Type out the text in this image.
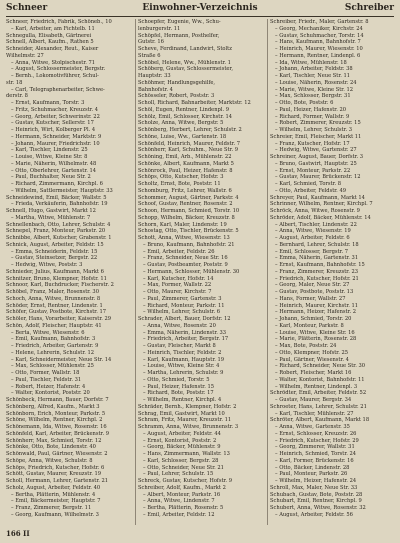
Schneer	Einwohner-Verzeichnis	Schreiber
Schneer, Friedrich, Fabrik, Schöneb., 10
– Karl, Arbeiter, am Fichtelb. 11
Schnegulla, Elisabeth, Gärtnerei
Schnell, Albert, Kaufm., Rathen 5
Schneider, Alexander, Reut., Kaiser
Wilhelmstr. 27
– Anna, Witwe, Stolpischestr. 71
– August, Schlossermeister, Bergstr.
– Bernh., Lokomotivführer, Schul-
str. 18
– Carl, Telegraphenarbeiter, Schwe-
derstr. 8
– Ernst, Kaufmann, Torstr. 3
– Fritz, Schuhmacher, Kreuzstr. 4
– Georg, Arbeiter, Schwerinstr. 22
– Gustav, Kutscher, Sellerstr. 17
– Heinrich, Wirt, Kolberger Pl. 4
– Hermann, Schneider, Marktstr. 9
– Johann, Maurer, Friedrichstr. 10
– Karl, Tischler, Lindenstr. 25
– Louise, Witwe, Kleine Str. 8
– Marie, Näherin, Wilhelmstr. 48
– Otto, Oberlehrer, Gartenstr. 14
– Paul, Buchhalter, Neue Str. 2
– Richard, Zimmermann, Kirchpl. 6
– Wilhelm, Sattlermeister, Hauptstr. 33
Schneidewind, Emil, Bäcker, Wallstr. 5
– Frieda, Verkäuferin, Bahnhofstr. 19
Schnell, Hugo, Gastwirt, Markt 12
– Martha, Witwe, Mühlenstr. 7
Schnellenbach, Otto, Lehrer, Schulstr. 4
Schnepel, Franz, Monteur, Parkstr. 20
Schnibbe, Albert, Kutscher, Grabenstr. 1
Schnick, August, Arbeiter, Feldstr. 15
– Emma, Schneiderin, Feldstr. 15
– Gustav, Steinsetzer, Bergstr. 22
– Hedwig, Witwe, Poststr. 3
Schnieder, Julius, Kaufmann, Markt 6
Schnitzer, Bruno, Klempner, Hofstr. 11
Schnoor, Karl, Buchdrucker, Fischerstr. 2
Schöbel, Franz, Maler, Rosenstr. 30
Schoch, Anna, Witwe, Brunnenstr. 8
Schöder, Ernst, Rentner, Lindenstr. 1
Schöfer, Gustav, Postbote, Kirchstr. 17
Schöler, Hans, Vorarbeiter, Kaiserstr. 29
Schön, Adolf, Fleischer, Hauptstr. 41
– Berta, Witwe, Wiesenstr. 6
– Emil, Kaufmann, Bahnhofstr. 3
– Friedrich, Arbeiter, Gartenstr. 9
– Helene, Lehrerin, Schulstr. 12
– Karl, Schneidermeister, Neue Str. 14
– Max, Schlosser, Mühlenstr. 25
– Otto, Former, Wallstr. 18
– Paul, Tischler, Feldstr. 31
– Robert, Heizer, Hafenstr. 4
– Walter, Kontorist, Poststr. 20
Schönbeck, Hermann, Bauer, Dorfstr. 7
Schönberg, Alfred, Kaufm., Markt 3
Schönborn, Erich, Monteur, Parkstr. 5
Schöne, Wilhelm, Rentner, Kirchpl. 2
Schönemann, Ida, Witwe, Rosenstr. 16
Schönfeld, Karl, Arbeiter, Brückenstr. 9
Schönherr, Max, Schmied, Torstr. 12
Schönke, Otto, Bote, Lindenstr. 40
Schönwald, Paul, Gärtner, Wiesenstr. 2
Schöpe, Anna, Witwe, Schulstr. 8
Schöps, Friedrich, Kutscher, Hofstr. 6
Schött, Gustav, Maurer, Kreuzstr. 19
Scholl, Hermann, Lehrer, Gartenstr. 21
Scholz, August, Arbeiter, Feldstr. 40
– Bertha, Plätterin, Mühlenstr. 4
– Emil, Bäckermeister, Hauptstr. 7
– Franz, Zimmerer, Bergstr. 11
– Georg, Kaufmann, Wilhelmstr. 3
Schoepfer, Eugenie, Ww., Schu-
lenburgerstr. 11
Schöpfel, Hermann, Posthelfer,
Gutstr. 16
Scheve, Ferdinand, Landwirt, Stoltz
Straße 6
Schöbel, Helene, Ww., Mühlenstr. 1
Schöberg, Gustav, Schlossermeister,
Hauptstr. 33
Schöhmer, Handlungsgehilfe,
Bahnhofstr. 4
Schösseler, Robert, Poststr. 3
Scholl, Richard, Bahnarbeiter, Marktstr. 12
Schöl, Eugen, Rentner, Lindenpl. 9
Schölz, Emil, Schlosser, Kirchstr. 14
Scholze, Anna, Witwe, Bergstr. 5
Schönberg, Herbert, Lehrer, Schulstr. 2
Schöne, Luise, Ww., Gartenstr. 18
Schönfeld, Heinrich, Maurer, Feldstr. 7
Schönherr, Karl, Schuhm., Neue Str. 9
Schöning, Emil, Arb., Mühlenstr. 22
Schönke, Albert, Kaufmann, Markt 5
Schönrock, Paul, Heizer, Hafenstr. 8
Schöps, Otto, Kutscher, Hofstr. 3
Scholtz, Ernst, Bote, Poststr. 11
Schomburg, Fritz, Lehrer, Wallstr. 6
Schommer, August, Gärtner, Parkstr. 4
Schoof, Gustav, Rentner, Rosenstr. 2
Schoon, Hermann, Schmied, Torstr. 10
Schopp, Wilhelm, Bäcker, Kreuzstr. 8
Schorn, Karl, Maler, Lindenstr. 19
Schostag, Otto, Tischler, Brückenstr. 5
Schott, Anna, Witwe, Wiesenstr. 13
– Bruno, Kaufmann, Bahnhofstr. 21
– Emil, Arbeiter, Feldstr. 26
– Franz, Schneider, Neue Str. 16
– Gustav, Postbeamter, Poststr. 9
– Hermann, Schlosser, Mühlenstr. 30
– Karl, Kutscher, Hofstr. 14
– Max, Former, Wallstr. 22
– Otto, Maurer, Kirchstr. 7
– Paul, Zimmerer, Gartenstr. 3
– Richard, Monteur, Parkstr. 11
– Wilhelm, Lehrer, Schulstr. 6
Schrader, Albert, Bauer, Dorfstr. 12
– Anna, Witwe, Rosenstr. 20
– Emma, Näherin, Lindenstr. 33
– Friedrich, Arbeiter, Bergstr. 17
– Gustav, Fleischer, Markt 8
– Heinrich, Tischler, Feldstr. 2
– Karl, Kaufmann, Hauptstr. 19
– Louise, Witwe, Kleine Str. 4
– Martha, Lehrerin, Schulstr. 9
– Otto, Schmied, Torstr. 5
– Paul, Heizer, Hafenstr. 15
– Richard, Bote, Poststr. 17
– Wilhelm, Rentner, Kirchpl. 4
Schräder, Bernh., Klempner, Hofstr. 2
Schrag, Emil, Gastwirt, Markt 10
Schram, Fritz, Maurer, Kreuzstr. 11
Schramm, Anna, Witwe, Brunnenstr. 3
– August, Arbeiter, Feldstr. 44
– Ernst, Kontorist, Poststr. 2
– Georg, Bäcker, Mühlenstr. 9
– Hans, Zimmermann, Wallstr. 13
– Karl, Schlosser, Bergstr. 28
– Otto, Schneider, Neue Str. 21
– Paul, Lehrer, Schulstr. 15
Schreck, Gustav, Kutscher, Hofstr. 9
Schreiber, Adolf, Kaufm., Markt 2
– Albert, Monteur, Parkstr. 16
– Anna, Witwe, Lindenstr. 7
– Bertha, Plätterin, Rosenstr. 5
– Emil, Arbeiter, Feldstr. 12
Schreiber, Friedr., Maler, Gartenstr. 8
– Georg, Mechaniker, Kirchstr. 24
– Gustav, Schuhmacher, Torstr. 14
– Hans, Kaufmann, Bahnhofstr. 7
– Heinrich, Maurer, Wiesenstr. 10
– Hermann, Rentner, Lindenpl. 6
– Ida, Witwe, Mühlenstr. 18
– Johann, Arbeiter, Feldstr. 38
– Karl, Tischler, Neue Str. 11
– Louise, Näherin, Rosenstr. 24
– Marie, Witwe, Kleine Str. 12
– Max, Schlosser, Bergstr. 31
– Otto, Bote, Poststr. 6
– Paul, Heizer, Hafenstr. 20
– Richard, Former, Wallstr. 9
– Robert, Zimmerer, Kreuzstr. 15
– Wilhelm, Lehrer, Schulstr. 3
Schreier, Emil, Fleischer, Markt 11
– Franz, Kutscher, Hofstr. 17
– Hedwig, Witwe, Gartenstr. 27
Schreiner, August, Bauer, Dorfstr. 3
– Bruno, Gastwirt, Hauptstr. 25
– Ernst, Monteur, Parkstr. 22
– Gustav, Maurer, Brückenstr. 12
– Karl, Schmied, Torstr. 8
– Otto, Arbeiter, Feldstr. 49
Schreyer, Paul, Kaufmann, Markt 14
Schrinner, Wilhelm, Rentner, Kirchpl. 7
Schröck, Anna, Witwe, Rosenstr. 9
Schröder, Adolf, Bäcker, Mühlenstr. 14
– Albert, Tischler, Lindenstr. 22
– Anna, Witwe, Wiesenstr. 19
– August, Arbeiter, Feldstr. 6
– Bernhard, Lehrer, Schulstr. 18
– Emil, Schlosser, Bergstr. 7
– Emma, Näherin, Gartenstr. 31
– Ernst, Kaufmann, Bahnhofstr. 15
– Franz, Zimmerer, Kreuzstr. 23
– Friedrich, Kutscher, Hofstr. 21
– Georg, Maler, Neue Str. 27
– Gustav, Postbote, Poststr. 13
– Hans, Former, Wallstr. 27
– Heinrich, Maurer, Kirchstr. 11
– Hermann, Heizer, Hafenstr. 2
– Johann, Schmied, Torstr. 20
– Karl, Monteur, Parkstr. 8
– Louise, Witwe, Kleine Str. 16
– Marie, Plätterin, Rosenstr. 28
– Max, Bote, Poststr. 24
– Otto, Klempner, Hofstr. 25
– Paul, Gärtner, Wiesenstr. 4
– Richard, Schneider, Neue Str. 30
– Robert, Fleischer, Markt 16
– Walter, Kontorist, Bahnhofstr. 11
– Wilhelm, Rentner, Lindenpl. 3
Schrödter, Emil, Arbeiter, Feldstr. 52
– Gustav, Maurer, Bergstr. 34
Schroeter, Hans, Lehrer, Schulstr. 21
– Karl, Tischler, Mühlenstr. 27
Schröter, Albert, Kaufmann, Markt 18
– Anna, Witwe, Gartenstr. 35
– Ernst, Schlosser, Kreuzstr. 26
– Friedrich, Kutscher, Hofstr. 29
– Georg, Zimmerer, Wallstr. 31
– Heinrich, Schmied, Torstr. 24
– Karl, Former, Brückenstr. 16
– Otto, Bäcker, Lindenstr. 28
– Paul, Monteur, Parkstr. 26
– Wilhelm, Heizer, Hafenstr. 24
Schroll, Max, Maler, Neue Str. 33
Schubach, Gustav, Bote, Poststr. 28
Schubart, Emil, Rentner, Kirchpl. 9
Schubert, Anna, Witwe, Rosenstr. 32
– August, Arbeiter, Feldstr. 56
166 II
